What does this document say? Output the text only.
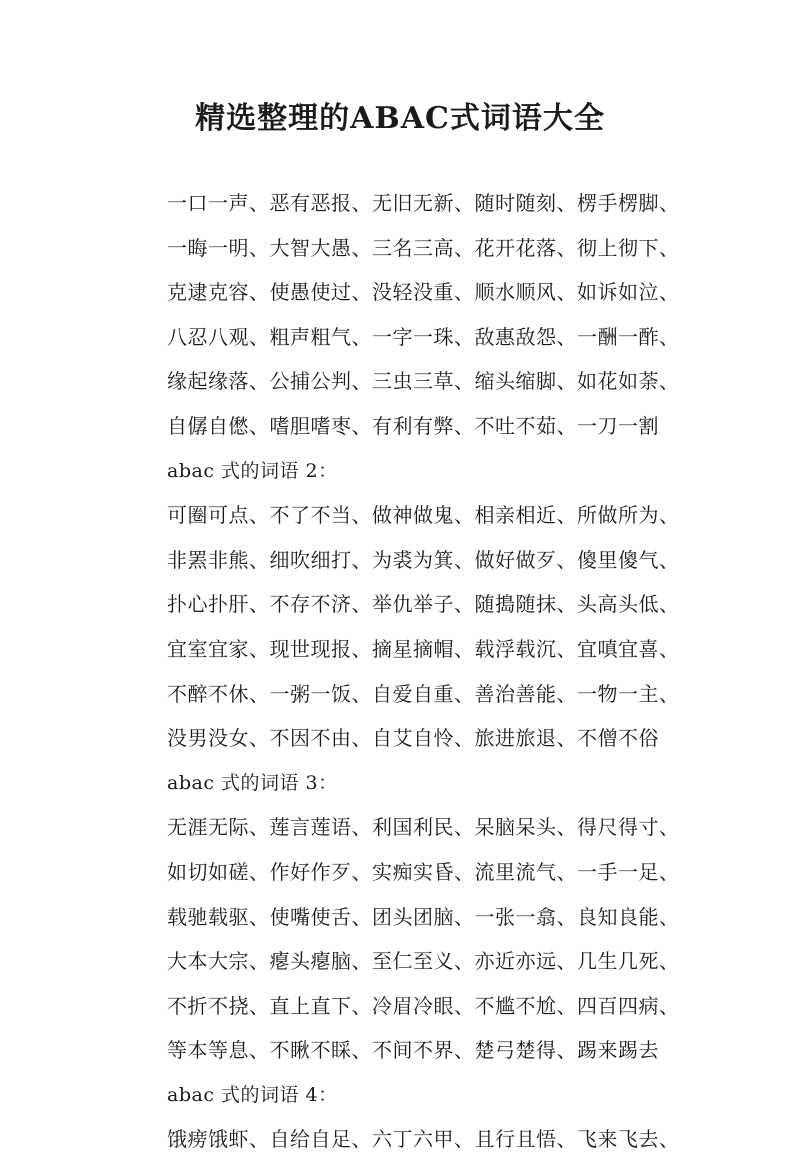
精选整理的ABAC式词语大全
一口一声、恶有恶报、无旧无新、随时随刻、楞手楞脚、
一晦一明、大智大愚、三名三高、花开花落、彻上彻下、
克逮克容、使愚使过、没轻没重、顺水顺风、如诉如泣、
八忍八观、粗声粗气、一字一珠、敌惠敌怨、一酬一酢、
缘起缘落、公捕公判、三虫三草、缩头缩脚、如花如荼、
自僝自僽、嗜胆嗜枣、有利有弊、不吐不茹、一刀一割
abac 式的词语 2：
可圈可点、不了不当、做神做鬼、相亲相近、所做所为、
非罴非熊、细吹细打、为裘为箕、做好做歹、傻里傻气、
扑心扑肝、不存不济、举仇举子、随搗随抹、头高头低、
宜室宜家、现世现报、摘星摘帽、载浮载沉、宜嗔宜喜、
不醉不休、一粥一饭、自爱自重、善治善能、一物一主、
没男没女、不因不由、自艾自怜、旅进旅退、不僧不俗
abac 式的词语 3：
无涯无际、莲言莲语、利国利民、呆脑呆头、得尺得寸、
如切如磋、作好作歹、实痴实昏、流里流气、一手一足、
载驰载驱、使嘴使舌、团头团脑、一张一翕、良知良能、
大本大宗、瘪头瘪脑、至仁至义、亦近亦远、几生几死、
不折不挠、直上直下、冷眉冷眼、不尴不尬、四百四病、
等本等息、不瞅不睬、不间不界、楚弓楚得、踢来踢去
abac 式的词语 4：
饿痨饿虾、自给自足、六丁六甲、且行且悟、飞来飞去、
